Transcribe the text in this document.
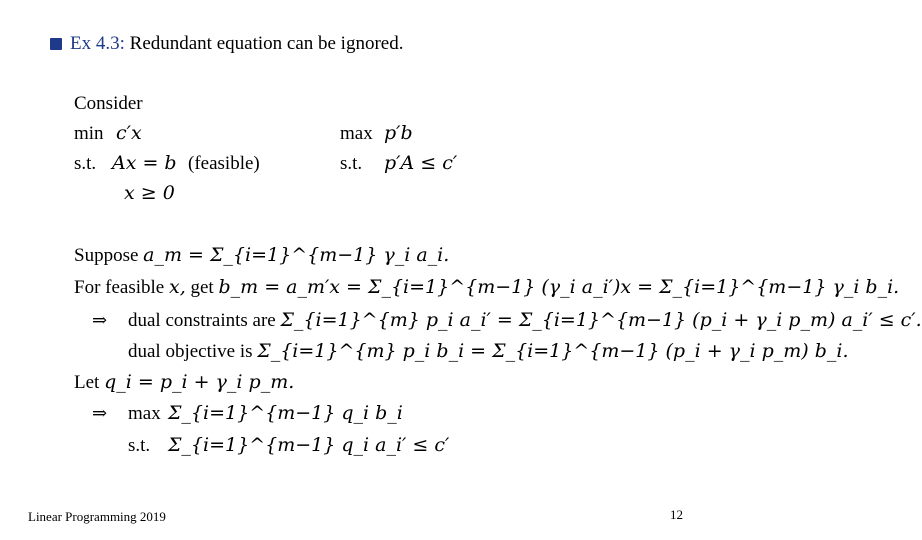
Ex 4.3: Redundant equation can be ignored.
Consider
min c′x
s.t. Ax = b (feasible)
x ≥ 0
max p′b
s.t. p′A ≤ c′
Suppose a_m = Σ_{i=1}^{m−1} γ_i a_i.
For feasible x, get b_m = a_m′x = Σ_{i=1}^{m−1} (γ_i a_i′)x = Σ_{i=1}^{m−1} γ_i b_i.
⇒ dual constraints are Σ_{i=1}^{m} p_i a_i′ = Σ_{i=1}^{m−1} (p_i + γ_i p_m) a_i′ ≤ c′.
dual objective is Σ_{i=1}^{m} p_i b_i = Σ_{i=1}^{m−1} (p_i + γ_i p_m) b_i.
Let q_i = p_i + γ_i p_m.
⇒ max Σ_{i=1}^{m−1} q_i b_i
s.t. Σ_{i=1}^{m−1} q_i a_i′ ≤ c′
Linear Programming 2019	12
